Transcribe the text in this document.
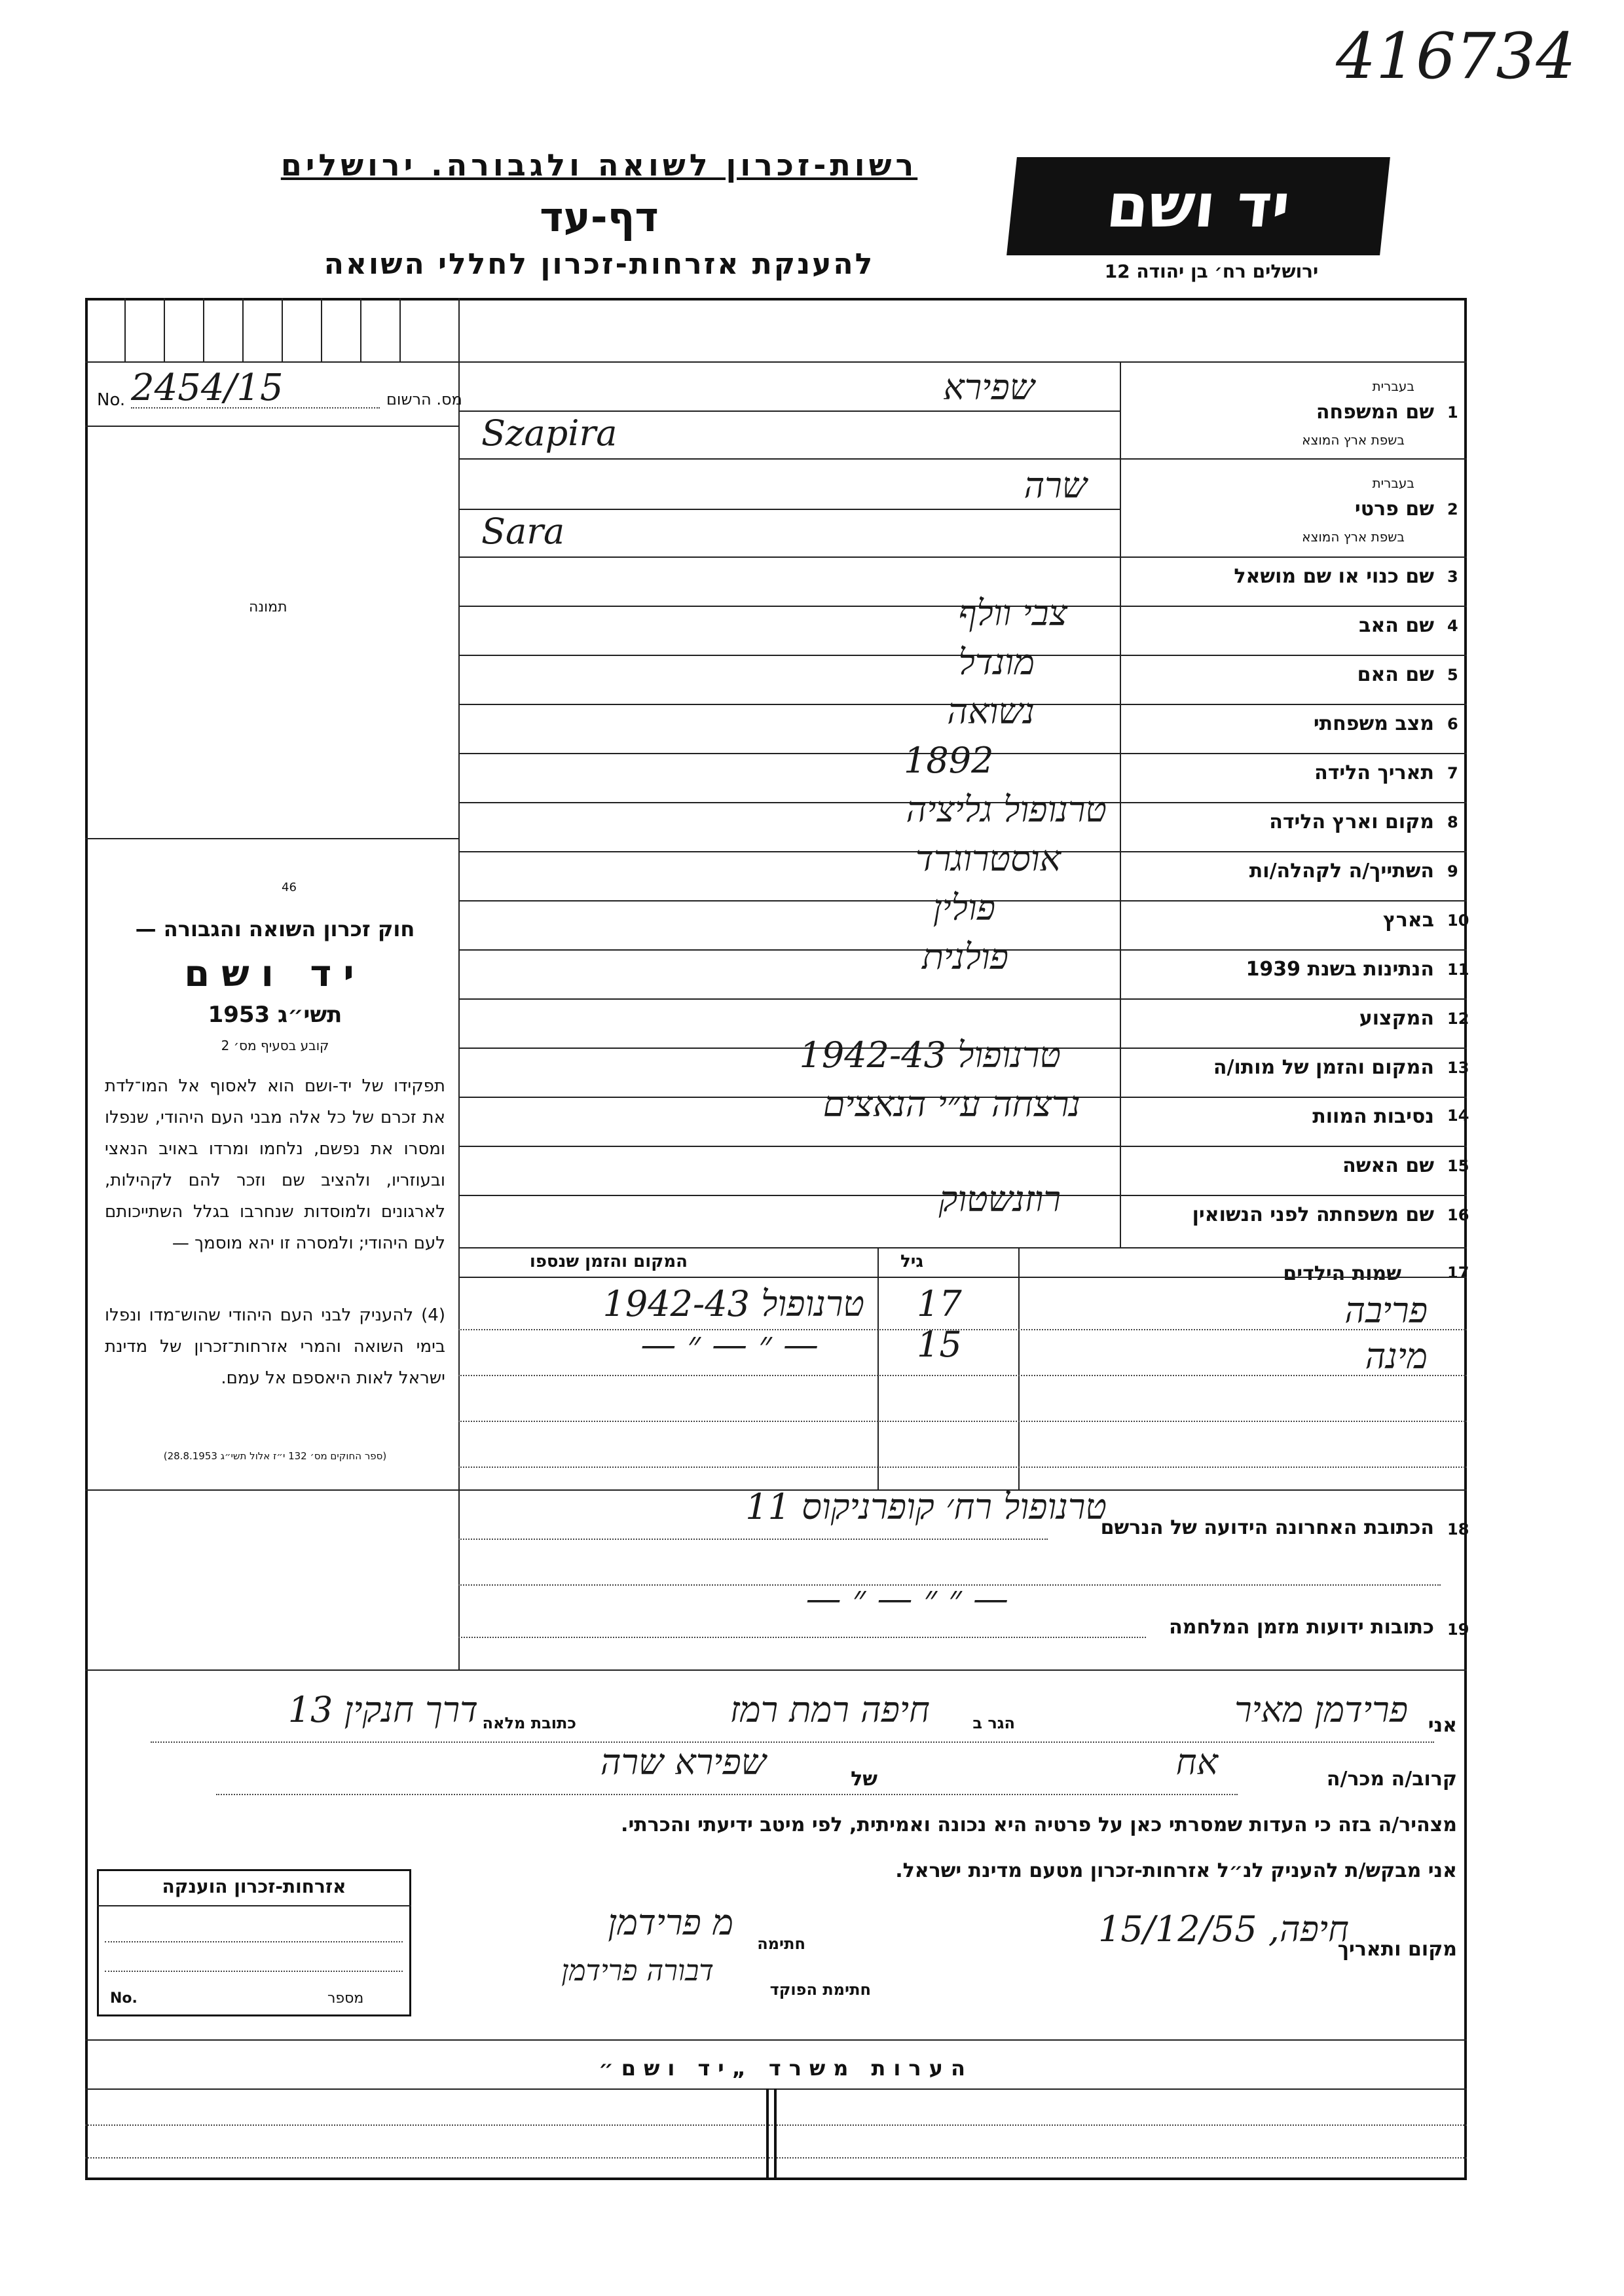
416734
רשות-זכרון לשואה ולגבורה. ירושלים
דף-עד
להענקת אזרחות-זכרון לחללי השואה
יד ושם
ירושלים רח׳ בן יהודה 12
No. 2454/15	מס. הרשום
תמונה
46
חוק זכרון השואה והגבורה —
יד ושם
תשי״ג 1953
קובע בסעיף מס׳ 2
תפקידו של יד-ושם הוא לאסוף אל המו־לדת את זכרם של כל אלה מבני העם היהודי, שנפלו ומסרו את נפשם, נלחמו ומרדו באויב הנאצי ובעוזריו, ולהציב שם וזכר להם לקהילות, לארגונים ולמוסדות שנחרבו בגלל השתייכותם לעם היהודי; ולמסרה זו יהא מוסמך —
(4) להעניק לבני העם היהודי שהוש־מדו ונפלו בימי השואה והמרי אזרחות־זכרון של מדינת ישראל לאות היאספם אל עמם.
(ספר החוקים מס׳ 132 י״ז אלול תשי״ג 28.8.1953)
בעברית
שם המשפחה 1
בשפת ארץ המוצא
שפירא
Szapira
בעברית
שם פרטי 2
בשפת ארץ המוצא
שרה
Sara
שם כנוי או שם מושאל 3
שם האב 4
צבי וולף
שם האם 5
מונדל
מצב משפחתי 6
נשואה
תאריך הלידה 7
1892
מקום וארץ הלידה 8
טרנופול גליציה
השתייך/ה לקהלה/ות 9
אוסטרוגרד
בארץ 10
פולין
הנתינות בשנת 1939 11
פולנית
המקצוע 12
המקום והזמן של מותו/ה 13
טרנופול 1942-43
נסיבות המוות 14
נרצחה ע״י הנאצים
שם האשה 15
שם משפחתה לפני הנשואין 16
רוזנשטוק
17
שמות הילדים
גיל
המקום והזמן שנספו
פריבה
17
טרנופול 1942-43
מינה
15
— ״ — ״ —
18
הכתובת האחרונה הידועה של הנרשם
טרנופול רח׳ קופרניקוס 11
— ״ ״ — ״ —
19
כתובות ידועות מזמן המלחמה
אני
פרידמן מאיר
הגר ב
חיפה רמת רמז
כתובת מלאה
דרך חנקין 13
קרוב/ה מכר/ה
אח
של
שפירא שרה
מצהיר/ה בזה כי העדות שמסרתי כאן על פרטיה היא נכונה ואמיתית, לפי מיטב ידיעתי והכרתי.
אני מבקש/ת להעניק לנ״ל אזרחות-זכרון מטעם מדינת ישראל.
מקום ותאריך
חיפה, 15/12/55
חתימה
מ פרידמן
חתימת הפוקד
דבורה פרידמן
אזרחות-זכרון הוענקה
No.	מספר
הערות משרד „יד ושם״
